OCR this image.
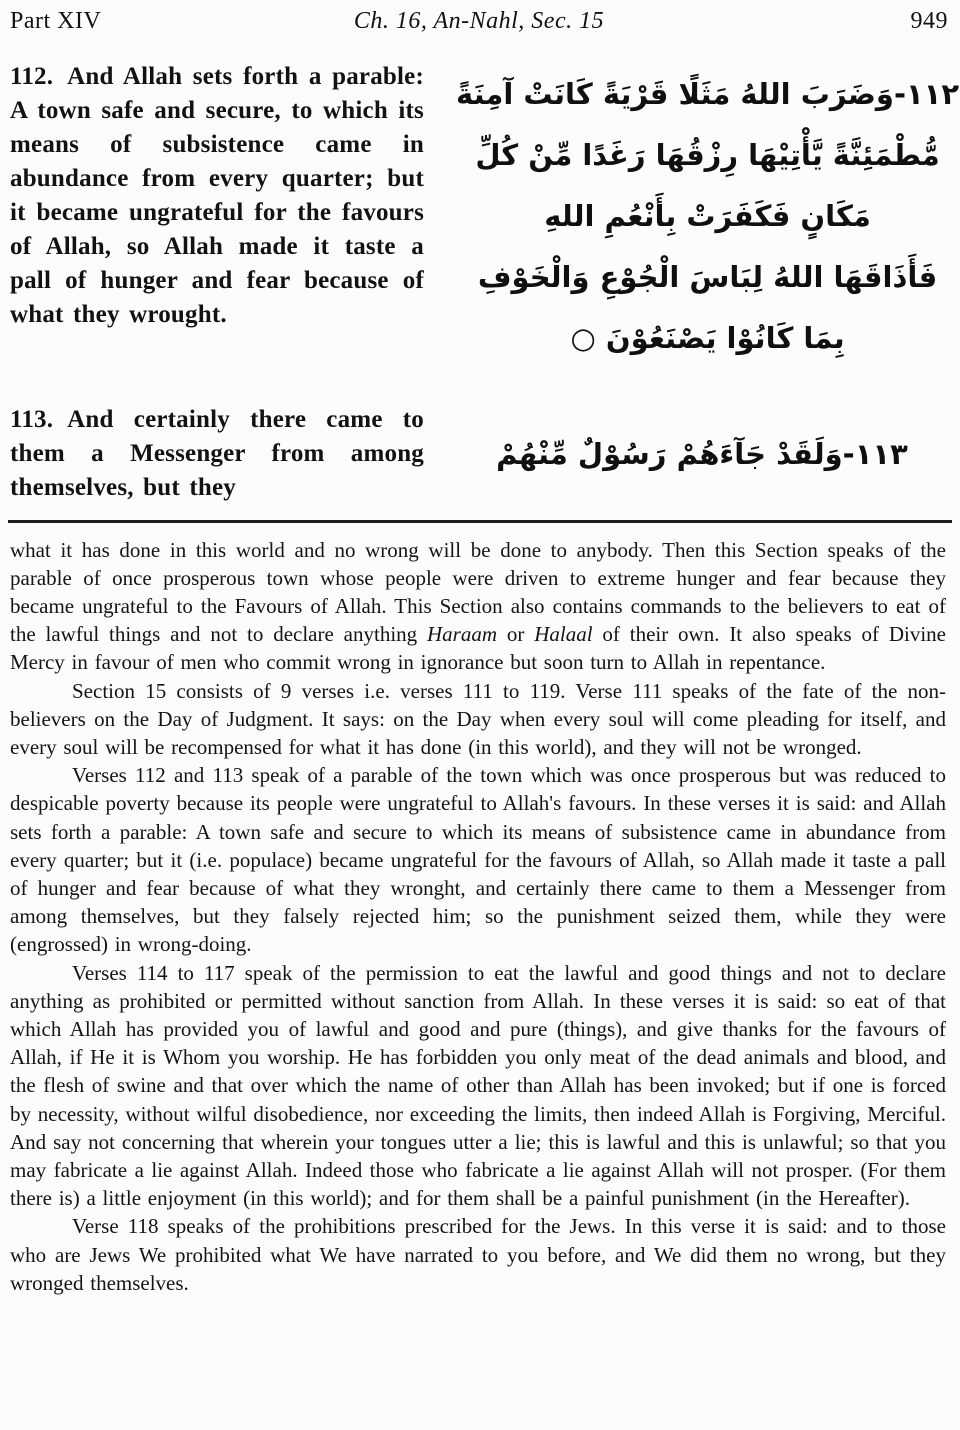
Part XIV	Ch. 16, An-Nahl, Sec. 15	949

112. And Allah sets forth a parable: A town safe and secure, to which its means of subsistence came in abundance from every quarter; but it became ungrateful for the favours of Allah, so Allah made it taste a pall of hunger and fear because of what they wrought.

۱۱۲-وَضَرَبَ اللهُ مَثَلًا قَرْيَةً كَانَتْ آمِنَةً
مُّطْمَئِنَّةً يَّأْتِيْهَا رِزْقُهَا رَغَدًا مِّنْ كُلِّ
مَكَانٍ فَكَفَرَتْ بِأَنْعُمِ اللهِ
فَأَذَاقَهَا اللهُ لِبَاسَ الْجُوْعِ وَالْخَوْفِ
بِمَا كَانُوْا يَصْنَعُوْنَ ○

113. And certainly there came to them a Messenger from among themselves, but they

۱۱۳-وَلَقَدْ جَآءَهُمْ رَسُوْلٌ مِّنْهُمْ

what it has done in this world and no wrong will be done to anybody. Then this Section speaks of the parable of once prosperous town whose people were driven to extreme hunger and fear because they became ungrateful to the Favours of Allah. This Section also contains commands to the believers to eat of the lawful things and not to declare anything Haraam or Halaal of their own. It also speaks of Divine Mercy in favour of men who commit wrong in ignorance but soon turn to Allah in repentance.

Section 15 consists of 9 verses i.e. verses 111 to 119. Verse 111 speaks of the fate of the non-believers on the Day of Judgment. It says: on the Day when every soul will come pleading for itself, and every soul will be recompensed for what it has done (in this world), and they will not be wronged.

Verses 112 and 113 speak of a parable of the town which was once prosperous but was reduced to despicable poverty because its people were ungrateful to Allah's favours. In these verses it is said: and Allah sets forth a parable: A town safe and secure to which its means of subsistence came in abundance from every quarter; but it (i.e. populace) became ungrateful for the favours of Allah, so Allah made it taste a pall of hunger and fear because of what they wronght, and certainly there came to them a Messenger from among themselves, but they falsely rejected him; so the punishment seized them, while they were (engrossed) in wrong-doing.

Verses 114 to 117 speak of the permission to eat the lawful and good things and not to declare anything as prohibited or permitted without sanction from Allah. In these verses it is said: so eat of that which Allah has provided you of lawful and good and pure (things), and give thanks for the favours of Allah, if He it is Whom you worship. He has forbidden you only meat of the dead animals and blood, and the flesh of swine and that over which the name of other than Allah has been invoked; but if one is forced by necessity, without wilful disobedience, nor exceeding the limits, then indeed Allah is Forgiving, Merciful. And say not concerning that wherein your tongues utter a lie; this is lawful and this is unlawful; so that you may fabricate a lie against Allah. Indeed those who fabricate a lie against Allah will not prosper. (For them there is) a little enjoyment (in this world); and for them shall be a painful punishment (in the Hereafter).

Verse 118 speaks of the prohibitions prescribed for the Jews. In this verse it is said: and to those who are Jews We prohibited what We have narrated to you before, and We did them no wrong, but they wronged themselves.
